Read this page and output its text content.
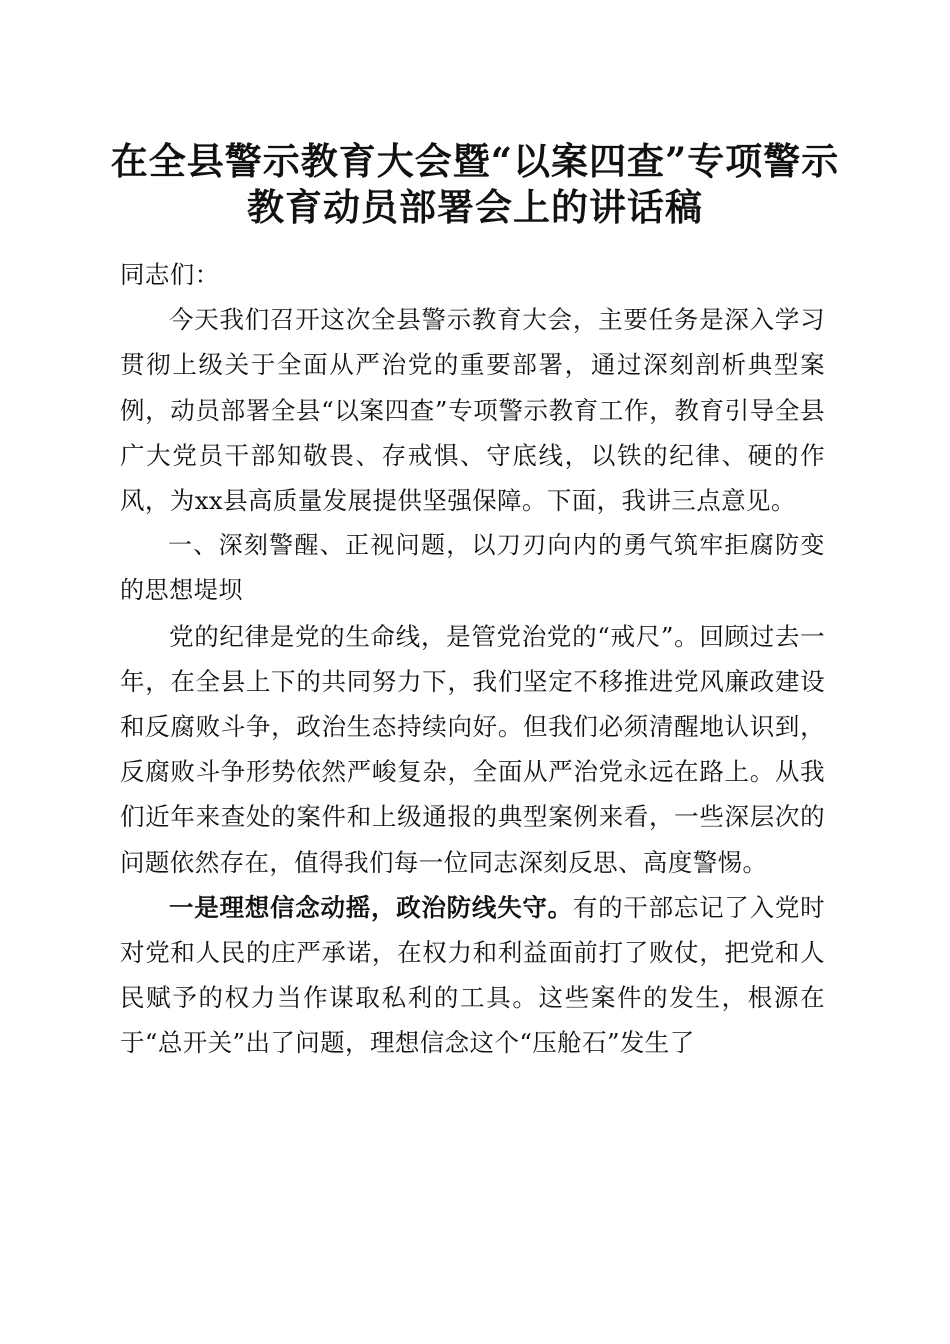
在全县警示教育大会暨“以案四查”专项警示
教育动员部署会上的讲话稿

同志们：

今天我们召开这次全县警示教育大会，主要任务是深入学习贯彻上级关于全面从严治党的重要部署，通过深刻剖析典型案例，动员部署全县“以案四查”专项警示教育工作，教育引导全县广大党员干部知敬畏、存戒惧、守底线，以铁的纪律、硬的作风，为xx县高质量发展提供坚强保障。下面，我讲三点意见。

一、深刻警醒、正视问题，以刀刃向内的勇气筑牢拒腐防变的思想堤坝

党的纪律是党的生命线，是管党治党的“戒尺”。回顾过去一年，在全县上下的共同努力下，我们坚定不移推进党风廉政建设和反腐败斗争，政治生态持续向好。但我们必须清醒地认识到，反腐败斗争形势依然严峻复杂，全面从严治党永远在路上。从我们近年来查处的案件和上级通报的典型案例来看，一些深层次的问题依然存在，值得我们每一位同志深刻反思、高度警惕。

一是理想信念动摇，政治防线失守。有的干部忘记了入党时对党和人民的庄严承诺，在权力和利益面前打了败仗，把党和人民赋予的权力当作谋取私利的工具。这些案件的发生，根源在于“总开关”出了问题，理想信念这个“压舱石”发生了
